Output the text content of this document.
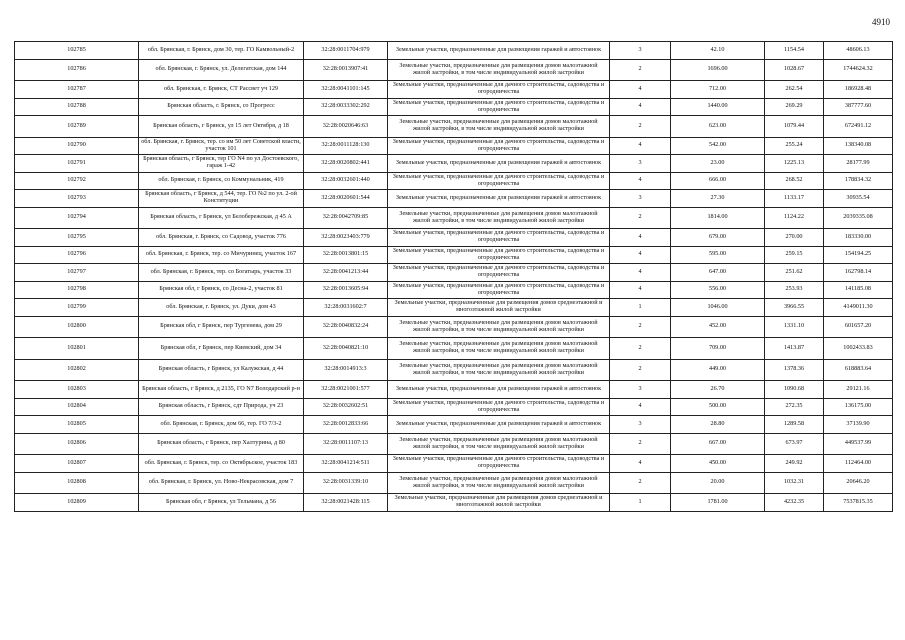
4910
102785	обл. Брянская, г. Брянск, дом 30, тер. ГО Камвольный-2	32:28:0011704:979	Земельные участки, предназначенные для размещения гаражей и автостоянок	3	42.10	1154.54	48606.13
102786	обл. Брянская, г. Брянск, ул. Делегатская, дом 144	32:28:0013907:41	Земельные участки, предназначенные для размещения домов малоэтажной жилой застройки, в том числе индивидуальной жилой застройки	2	1696.00	1028.67	1744624.32
102787	обл. Брянская, г. Брянск, СТ Рассвет уч 129	32:28:0041101:145	Земельные участки, предназначенные для дачного строительства, садоводства и огородничества	4	712.00	262.54	186928.48
102788	Брянская область, г. Брянск, со Прогресс	32:28:0033302:292	Земельные участки, предназначенные для дачного строительства, садоводства и огородничества	4	1440.00	269.29	387777.60
102789	Брянская область, г Брянск, ул 15 лет Октября, д 18	32:28:0020646:63	Земельные участки, предназначенные для размещения домов малоэтажной жилой застройки, в том числе индивидуальной жилой застройки	2	623.00	1079.44	672491.12
102790	обл. Брянская, г. Брянск, тер. со им 50 лет Советской власти, участок 101	32:28:0011128:130	Земельные участки, предназначенные для дачного строительства, садоводства и огородничества	4	542.00	255.24	138340.08
102791	Брянская область, г Брянск, тер ГО N4 по ул Достоевского, гараж 1-42	32:28:0020802:441	Земельные участки, предназначенные для размещения гаражей и автостоянок	3	23.00	1225.13	28177.99
102792	обл. Брянская, г. Брянск, со Коммунальник, 419	32:28:0032601:440	Земельные участки, предназначенные для дачного строительства, садоводства и огородничества	4	666.00	268.52	178834.32
102793	Брянская область, г Брянск, д 544, тер. ГО №2 по ул. 2-ой Конституции	32:28:0020601:544	Земельные участки, предназначенные для размещения гаражей и автостоянок	3	27.30	1133.17	30935.54
102794	Брянская область, г Брянск, ул Белобережская, д 45 А	32:28:0042709:85	Земельные участки, предназначенные для размещения домов малоэтажной жилой застройки, в том числе индивидуальной жилой застройки	2	1814.00	1124.22	2039335.08
102795	обл. Брянская, г. Брянск, со Садовод, участок 776	32:28:0023403:779	Земельные участки, предназначенные для дачного строительства, садоводства и огородничества	4	679.00	270.00	183330.00
102796	обл. Брянская, г. Брянск, тер. со Мичуринец, участок 167	32:28:0013801:15	Земельные участки, предназначенные для дачного строительства, садоводства и огородничества	4	595.00	259.15	154194.25
102797	обл. Брянская, г. Брянск, тер. со Богатырь, участок 33	32:28:0041213:44	Земельные участки, предназначенные для дачного строительства, садоводства и огородничества	4	647.00	251.62	162798.14
102798	Брянская обл, г Брянск, со Десна-2, участок 81	32:28:0013605:94	Земельные участки, предназначенные для дачного строительства, садоводства и огородничества	4	556.00	253.93	141185.08
102799	обл. Брянская, г. Брянск, ул. Дуки, дом 43	32:28:0031602:7	Земельные участки, предназначенные для размещения домов среднеэтажной и многоэтажной жилой застройки	1	1046.00	3966.55	4149011.30
102800	Брянская обл, г Брянск, пер Тургенева, дом 29	32:28:0040832:24	Земельные участки, предназначенные для размещения домов малоэтажной жилой застройки, в том числе индивидуальной жилой застройки	2	452.00	1331.10	601657.20
102801	Брянская обл, г Брянск, пер Киевский, дом 34	32:28:0040821:10	Земельные участки, предназначенные для размещения домов малоэтажной жилой застройки, в том числе индивидуальной жилой застройки	2	709.00	1413.87	1002433.83
102802	Брянская область, г Брянск, ул Калужская, д 44	32:28:0014913:3	Земельные участки, предназначенные для размещения домов малоэтажной жилой застройки, в том числе индивидуальной жилой застройки	2	449.00	1378.36	618883.64
102803	Брянская область, г Брянск, д 2135, ГО N7 Володарский р-н	32:28:0021001:577	Земельные участки, предназначенные для размещения гаражей и автостоянок	3	26.70	1090.68	29121.16
102804	Брянская область, г Брянск, сдт Природа, уч 23	32:28:0032602:51	Земельные участки, предназначенные для дачного строительства, садоводства и огородничества	4	500.00	272.35	136175.00
102805	обл. Брянская, г. Брянск, дом 66, тер. ГО 7/3-2	32:28:0012833:66	Земельные участки, предназначенные для размещения гаражей и автостоянок	3	28.80	1289.58	37139.90
102806	Брянская область, г Брянск, пер Халтурина, д 80	32:28:0011107:13	Земельные участки, предназначенные для размещения домов малоэтажной жилой застройки, в том числе индивидуальной жилой застройки	2	667.00	673.97	449537.99
102807	обл. Брянская, г. Брянск, тер. со Октябрьское, участок 183	32:28:0041214:511	Земельные участки, предназначенные для дачного строительства, садоводства и огородничества	4	450.00	249.92	112464.00
102808	обл. Брянская, г. Брянск, ул. Ново-Некрасовская, дом 7	32:28:0031339:10	Земельные участки, предназначенные для размещения домов малоэтажной жилой застройки, в том числе индивидуальной жилой застройки	2	20.00	1032.31	20646.20
102809	Брянская обл, г Брянск, ул Тельмана, д 56	32:28:0021428:115	Земельные участки, предназначенные для размещения домов среднеэтажной и многоэтажной жилой застройки	1	1781.00	4232.35	7537815.35
